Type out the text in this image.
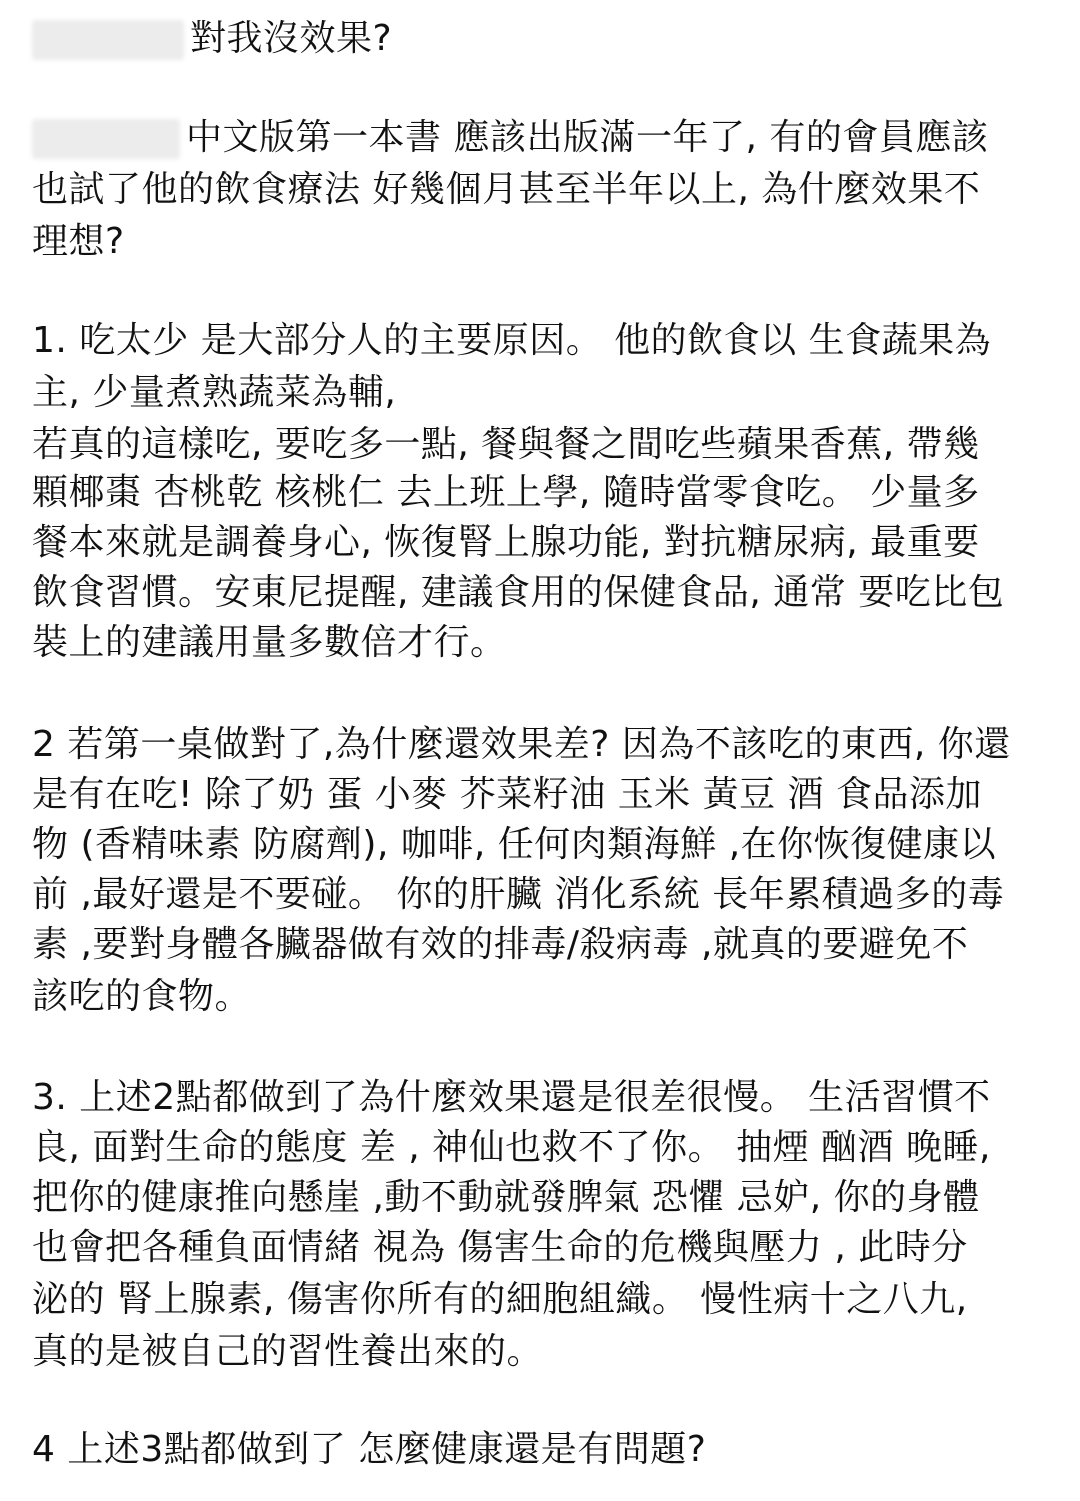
對我沒效果?
中文版第一本書 應該出版滿一年了, 有的會員應該
也試了他的飲食療法 好幾個月甚至半年以上, 為什麼效果不
理想?
1. 吃太少 是大部分人的主要原因。 他的飲食以 生食蔬果為
主, 少量煮熟蔬菜為輔,
若真的這樣吃, 要吃多一點, 餐與餐之間吃些蘋果香蕉, 帶幾
顆椰棗 杏桃乾 核桃仁 去上班上學, 隨時當零食吃。 少量多
餐本來就是調養身心, 恢復腎上腺功能, 對抗糖尿病, 最重要
飲食習慣。安東尼提醒, 建議食用的保健食品, 通常 要吃比包
裝上的建議用量多數倍才行。
2 若第一桌做對了,為什麼還效果差? 因為不該吃的東西, 你還
是有在吃! 除了奶 蛋 小麥 芥菜籽油 玉米 黃豆 酒 食品添加
物 (香精味素 防腐劑), 咖啡, 任何肉類海鮮 ,在你恢復健康以
前 ,最好還是不要碰。 你的肝臟 消化系統 長年累積過多的毒
素 ,要對身體各臟器做有效的排毒/殺病毒 ,就真的要避免不
該吃的食物。
3. 上述2點都做到了為什麼效果還是很差很慢。 生活習慣不
良, 面對生命的態度 差 , 神仙也救不了你。 抽煙 酗酒 晚睡,
把你的健康推向懸崖 ,動不動就發脾氣 恐懼 忌妒, 你的身體
也會把各種負面情緒 視為 傷害生命的危機與壓力 , 此時分
泌的 腎上腺素, 傷害你所有的細胞組織。 慢性病十之八九,
真的是被自己的習性養出來的。
4 上述3點都做到了 怎麼健康還是有問題?
